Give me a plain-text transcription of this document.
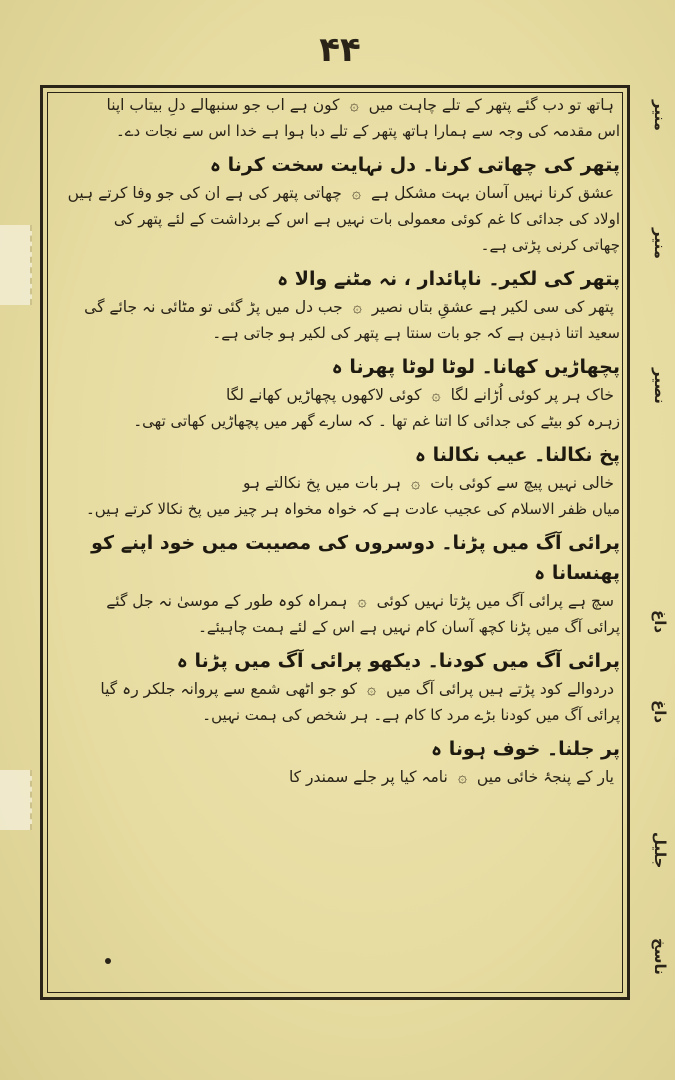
۴۴
منیر
منیر
نصیر
داغ
داغ
جلیل
ناسخ
ہاتھ تو دب گئے پتھر کے تلے چاہت میں۞کون ہے اب جو سنبھالے دلِ بیتاب اپنا
اس مقدمہ کی وجہ سے ہمارا ہاتھ پتھر کے تلے دبا ہوا ہے خدا اس سے نجات دے۔
پتھر کی چھاتی کرنا۔ دل نہایت سخت کرنا ہ
عشق کرنا نہیں آسان بہت مشکل ہے۞چھاتی پتھر کی ہے ان کی جو وفا کرتے ہیں
اولاد کی جدائی کا غم کوئی معمولی بات نہیں ہے اس کے برداشت کے لئے پتھر کی
چھاتی کرنی پڑتی ہے۔
پتھر کی لکیر۔ ناپائدار ، نہ مٹنے والا ہ
پتھر کی سی لکیر ہے عشقِ بتاں نصیر۞جب دل میں پڑ گئی تو مٹائی نہ جائے گی
سعید اتنا ذہین ہے کہ جو بات سنتا ہے پتھر کی لکیر ہو جاتی ہے۔
پچھاڑیں کھانا۔ لوٹا لوٹا پھرنا ہ
خاک ہر پر کوئی اُڑانے لگا۞کوئی لاکھوں پچھاڑیں کھانے لگا
زہرہ کو بیٹے کی جدائی کا اتنا غم تھا ۔ کہ سارے گھر میں پچھاڑیں کھاتی تھی۔
پخ نکالنا۔ عیب نکالنا ہ
خالی نہیں پیچ سے کوئی بات۞ہر بات میں پخ نکالتے ہو
میاں ظفر الاسلام کی عجیب عادت ہے کہ خواہ مخواہ ہر چیز میں پخ نکالا کرتے ہیں۔
پرائی آگ میں پڑنا۔ دوسروں کی مصیبت میں خود اپنے کو پھنسانا ہ
سچ ہے پرائی آگ میں پڑتا نہیں کوئی۞ہمراہ کوہ طور کے موسیٰ نہ جل گئے
پرائی آگ میں پڑنا کچھ آسان کام نہیں ہے اس کے لئے ہمت چاہیئے۔
پرائی آگ میں کودنا۔ دیکھو پرائی آگ میں پڑنا ہ
دردوالے کود پڑتے ہیں پرائی آگ میں۞کو جو اٹھی شمع سے پروانہ جلکر رہ گیا
پرائی آگ میں کودنا بڑے مرد کا کام ہے۔ ہر شخص کی ہمت نہیں۔
پر جلنا۔ خوف ہونا ہ
یار کے پنجۂ خائی میں۞نامہ کیا پر جلے سمندر کا
